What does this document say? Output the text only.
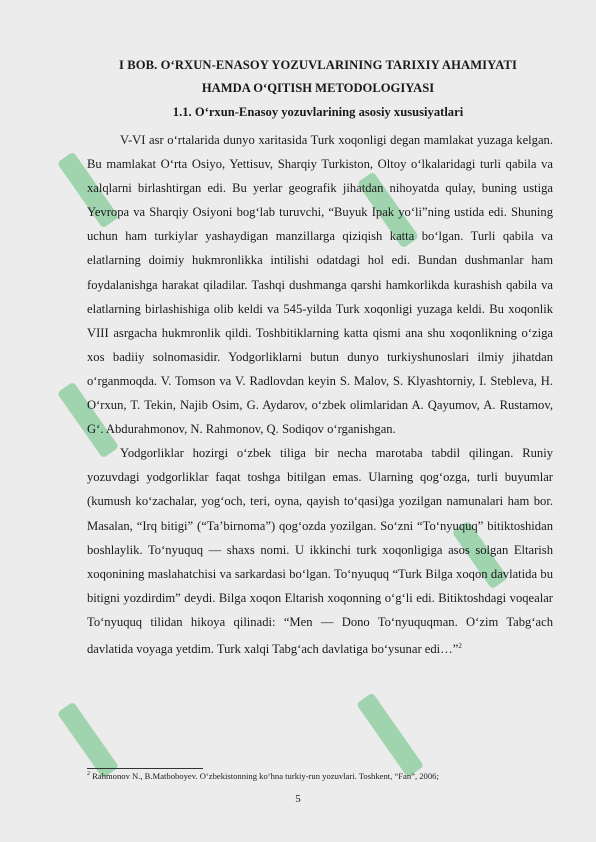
I BOB. O‘RXUN-ENASOY YOZUVLARINING TARIXIY AHAMIYATI
HAMDA O‘QITISH METODOLOGIYASI
1.1. O‘rxun-Enasoy yozuvlarining asosiy xususiyatlari

V-VI asr o‘rtalarida dunyo xaritasida Turk xoqonligi degan mamlakat yuzaga kelgan. Bu mamlakat O‘rta Osiyo, Yettisuv, Sharqiy Turkiston, Oltoy o‘lkalaridagi turli qabila va xalqlarni birlashtirgan edi. Bu yerlar geografik jihatdan nihoyatda qulay, buning ustiga Yevropa va Sharqiy Osiyoni bog‘lab turuvchi, “Buyuk Ipak yo‘li”ning ustida edi. Shuning uchun ham turkiylar yashaydigan manzillarga qiziqish katta bo‘lgan. Turli qabila va elatlarning doimiy hukmronlikka intilishi odatdagi hol edi. Bundan dushmanlar ham foydalanishga harakat qiladilar. Tashqi dushmanga qarshi hamkorlikda kurashish qabila va elatlarning birlashishiga olib keldi va 545-yilda Turk xoqonligi yuzaga keldi. Bu xoqonlik VIII asrgacha hukmronlik qildi. Toshbitiklarning katta qismi ana shu xoqonlikning o‘ziga xos badiiy solnomasidir. Yodgorliklarni butun dunyo turkiyshunoslari ilmiy jihatdan o‘rganmoqda. V. Tomson va V. Radlovdan keyin S. Malov, S. Klyashtorniy, I. Stebleva, H. O‘rxun, T. Tekin, Najib Osim, G. Aydarov, o‘zbek olimlaridan A. Qayumov, A. Rustamov, G‘. Abdurahmonov, N. Rahmonov, Q. Sodiqov o‘rganishgan.

Yodgorliklar hozirgi o‘zbek tiliga bir necha marotaba tabdil qilingan. Runiy yozuvdagi yodgorliklar faqat toshga bitilgan emas. Ularning qog‘ozga, turli buyumlar (kumush ko‘zachalar, yog‘och, teri, oyna, qayish to‘qasi)ga yozilgan namunalari ham bor. Masalan, “Irq bitigi” (“Ta’birnoma”) qog‘ozda yozilgan. So‘zni “To‘nyuquq” bitiktoshidan boshlaylik. To‘nyuquq — shaxs nomi. U ikkinchi turk xoqonligiga asos solgan Eltarish xoqonining maslahatchisi va sarkardasi bo‘lgan. To‘nyuquq “Turk Bilga xoqon davlatida bu bitigni yozdirdim” deydi. Bilga xoqon Eltarish xoqonning o‘g‘li edi. Bitiktoshdagi voqealar To‘nyuquq tilidan hikoya qilinadi: “Men — Dono To‘nyuquqman. O‘zim Tabg‘ach davlatida voyaga yetdim. Turk xalqi Tabg‘ach davlatiga bo‘ysunar edi…”$^2$

$^2$ Rahmonov N., B.Matboboyev. O‘zbekistonning ko‘hna turkiy-run yozuvlari. Toshkent, “Fan”, 2006;
5
